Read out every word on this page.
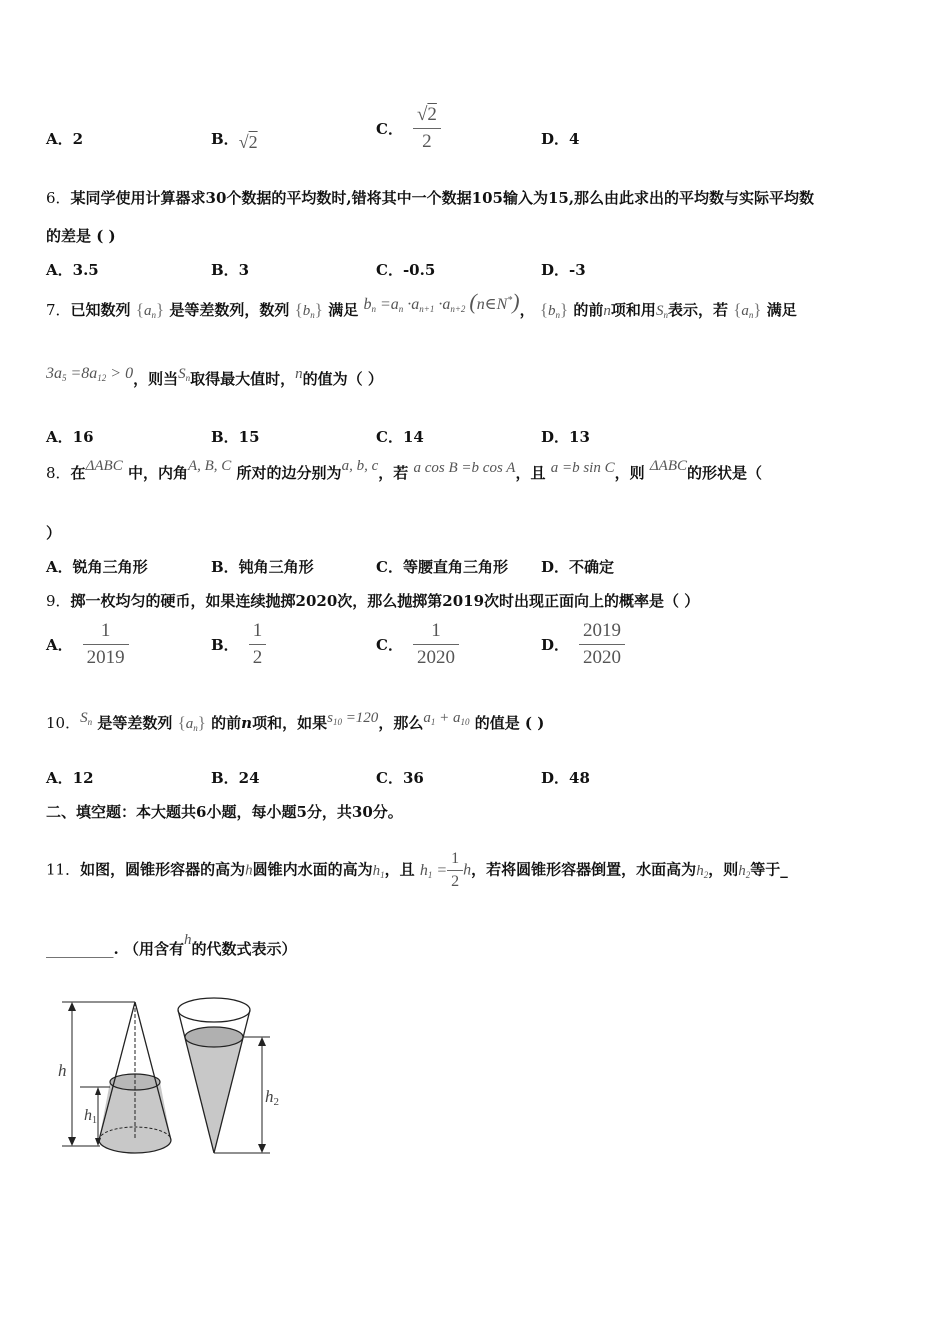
A．2	B．√2
C． $\frac{√2}{2}$	D．4
6．某同学使用计算器求30个数据的平均数时,错将其中一个数据105输入为15,那么由此求出的平均数与实际平均数
的差是 ( )
A．3.5	B．3	C．-0.5	D．-3
7．已知数列 $\{a_n\}$ 是等差数列，数列 $\{b_n\}$ 满足 $b_n =a_n \cdot a_{n+1} \cdot a_{n+2}$ (n∈N*)， $\{b_n\}$ 的前n项和用$S_n$表示，若 $\{a_n\}$ 满足
$3a_5 =8a_{12} > 0$，则当$S_n$取得最大值时，n的值为（ ）
A．16	B．15	C．14	D．13
8．在ΔABC 中，内角A, B, C 所对的边分别为a, b, c，若 a cos B =b cos A，且 a =b sin C，则 ΔABC的形状是（
）
A．锐角三角形	B．钝角三角形	C．等腰直角三角形 D．不确定
9．掷一枚均匀的硬币，如果连续抛掷2020次，那么抛掷第2019次时出现正面向上的概率是（ ）
A． $\frac{1}{2019}$	B． $\frac{1}{2}$	C． $\frac{1}{2020}$	D． $\frac{2019}{2020}$
10．$S_n$ 是等差数列 $\{a_n\}$ 的前n项和，如果$s_{10} =120$，那么$a_1 + a_{10}$ 的值是 ( )
A．12	B．24	C．36	D．48
二、填空题：本大题共6小题，每小题5分，共30分。
11．如图，圆锥形容器的高为h圆锥内水面的高为$h_1$，且 $h_1 = \frac{1}{2}$ h，若将圆锥形容器倒置，水面高为$h_2$，则$h_2$等于_
_________. （用含有h的代数式表示）
h
h1
h2
